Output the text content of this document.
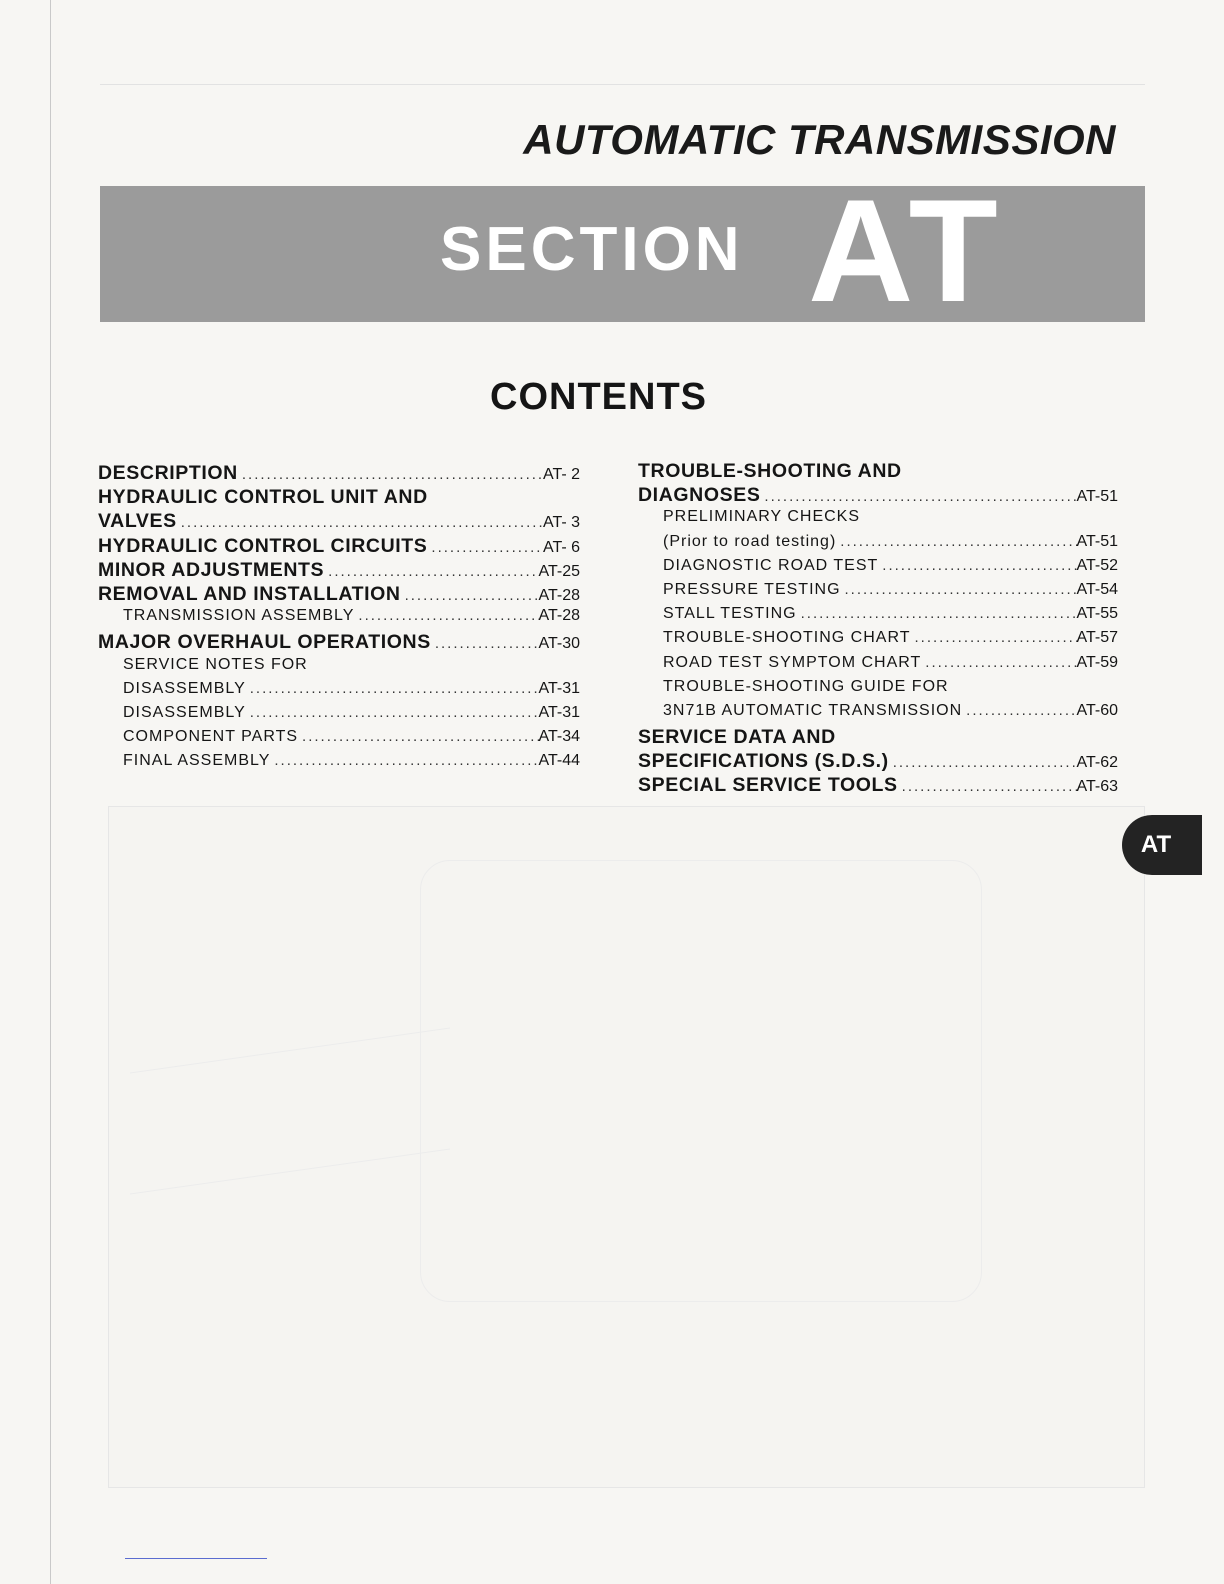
AUTOMATIC TRANSMISSION
SECTION AT
CONTENTS
DESCRIPTION .....	AT- 2
HYDRAULIC CONTROL UNIT AND
VALVES .....	AT- 3
HYDRAULIC CONTROL CIRCUITS .....	AT- 6
MINOR ADJUSTMENTS .....	AT-25
REMOVAL AND INSTALLATION .....	AT-28
TRANSMISSION ASSEMBLY .....	AT-28
MAJOR OVERHAUL OPERATIONS .....	AT-30
SERVICE NOTES FOR
DISASSEMBLY .....	AT-31
DISASSEMBLY .....	AT-31
COMPONENT PARTS .....	AT-34
FINAL ASSEMBLY .....	AT-44
TROUBLE-SHOOTING AND
DIAGNOSES .....	AT-51
PRELIMINARY CHECKS
(Prior to road testing) .....	AT-51
DIAGNOSTIC ROAD TEST .....	AT-52
PRESSURE TESTING .....	AT-54
STALL TESTING .....	AT-55
TROUBLE-SHOOTING CHART .....	AT-57
ROAD TEST SYMPTOM CHART .....	AT-59
TROUBLE-SHOOTING GUIDE FOR
3N71B AUTOMATIC TRANSMISSION .....	AT-60
SERVICE DATA AND
SPECIFICATIONS (S.D.S.) .....	AT-62
SPECIAL SERVICE TOOLS .....	AT-63
AT
